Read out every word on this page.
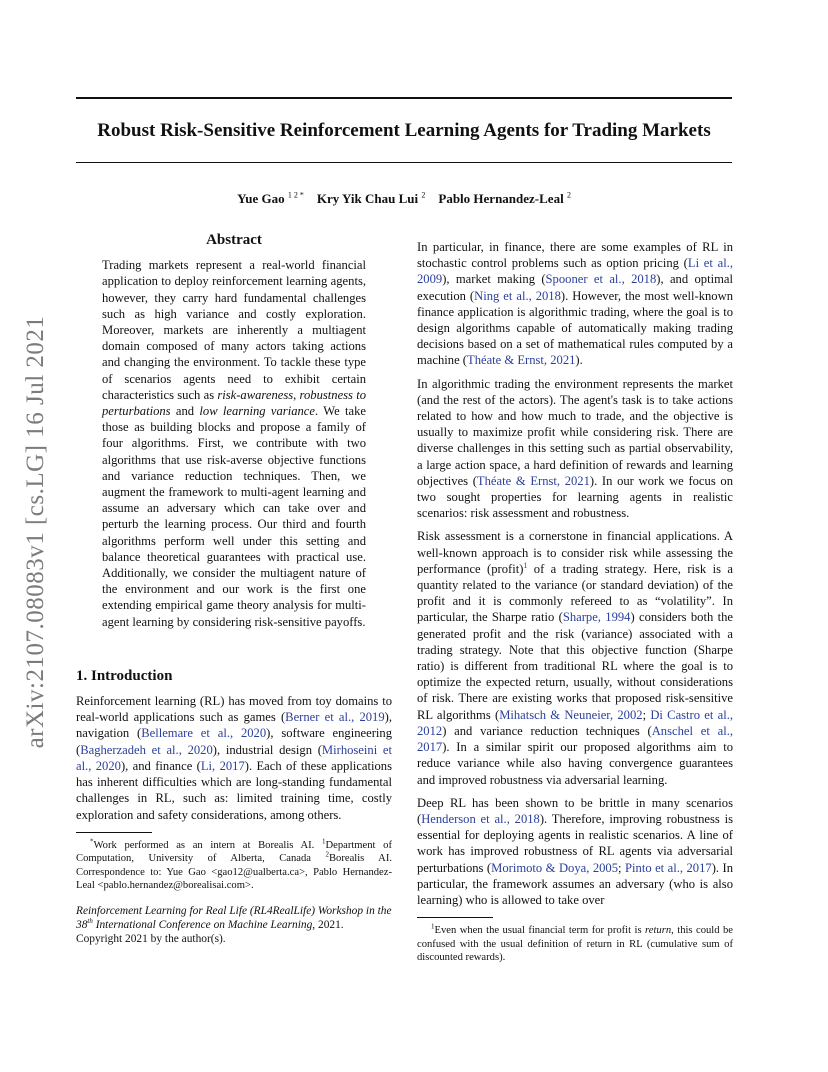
arXiv:2107.08083v1 [cs.LG] 16 Jul 2021
Robust Risk-Sensitive Reinforcement Learning Agents for Trading Markets
Yue Gao $^{1 2 *}$ Kry Yik Chau Lui $^2$ Pablo Hernandez-Leal $^2$
Abstract
Trading markets represent a real-world financial application to deploy reinforcement learning agents, however, they carry hard fundamental challenges such as high variance and costly exploration. Moreover, markets are inherently a multiagent domain composed of many actors taking actions and changing the environment. To tackle these type of scenarios agents need to exhibit certain characteristics such as risk-awareness, robustness to perturbations and low learning variance. We take those as building blocks and propose a family of four algorithms. First, we contribute with two algorithms that use risk-averse objective functions and variance reduction techniques. Then, we augment the framework to multi-agent learning and assume an adversary which can take over and perturb the learning process. Our third and fourth algorithms perform well under this setting and balance theoretical guarantees with practical use. Additionally, we consider the multiagent nature of the environment and our work is the first one extending empirical game theory analysis for multi-agent learning by considering risk-sensitive payoffs.
1. Introduction

Reinforcement learning (RL) has moved from toy domains to real-world applications such as games (Berner et al., 2019), navigation (Bellemare et al., 2020), software engineering (Bagherzadeh et al., 2020), industrial design (Mirhoseini et al., 2020), and finance (Li, 2017). Each of these applications has inherent difficulties which are long-standing fundamental challenges in RL, such as: limited training time, costly exploration and safety considerations, among others.

*Work performed as an intern at Borealis AI. $^1$Department of Computation, University of Alberta, Canada $^2$Borealis AI. Correspondence to: Yue Gao <gao12@ualberta.ca>, Pablo Hernandez-Leal <pablo.hernandez@borealisai.com>.

Reinforcement Learning for Real Life (RL4RealLife) Workshop in the 38th International Conference on Machine Learning, 2021. Copyright 2021 by the author(s).

In particular, in finance, there are some examples of RL in stochastic control problems such as option pricing (Li et al., 2009), market making (Spooner et al., 2018), and optimal execution (Ning et al., 2018). However, the most well-known finance application is algorithmic trading, where the goal is to design algorithms capable of automatically making trading decisions based on a set of mathematical rules computed by a machine (Théate & Ernst, 2021).

In algorithmic trading the environment represents the market (and the rest of the actors). The agent's task is to take actions related to how and how much to trade, and the objective is usually to maximize profit while considering risk. There are diverse challenges in this setting such as partial observability, a large action space, a hard definition of rewards and learning objectives (Théate & Ernst, 2021). In our work we focus on two sought properties for learning agents in realistic scenarios: risk assessment and robustness.

Risk assessment is a cornerstone in financial applications. A well-known approach is to consider risk while assessing the performance (profit)$^1$ of a trading strategy. Here, risk is a quantity related to the variance (or standard deviation) of the profit and it is commonly refereed to as “volatility”. In particular, the Sharpe ratio (Sharpe, 1994) considers both the generated profit and the risk (variance) associated with a trading strategy. Note that this objective function (Sharpe ratio) is different from traditional RL where the goal is to optimize the expected return, usually, without considerations of risk. There are existing works that proposed risk-sensitive RL algorithms (Mihatsch & Neuneier, 2002; Di Castro et al., 2012) and variance reduction techniques (Anschel et al., 2017). In a similar spirit our proposed algorithms aim to reduce variance while also having convergence guarantees and improved robustness via adversarial learning.

Deep RL has been shown to be brittle in many scenarios (Henderson et al., 2018). Therefore, improving robustness is essential for deploying agents in realistic scenarios. A line of work has improved robustness of RL agents via adversarial perturbations (Morimoto & Doya, 2005; Pinto et al., 2017). In particular, the framework assumes an adversary (who is also learning) who is allowed to take over

$^1$Even when the usual financial term for profit is return, this could be confused with the usual definition of return in RL (cumulative sum of discounted rewards).
